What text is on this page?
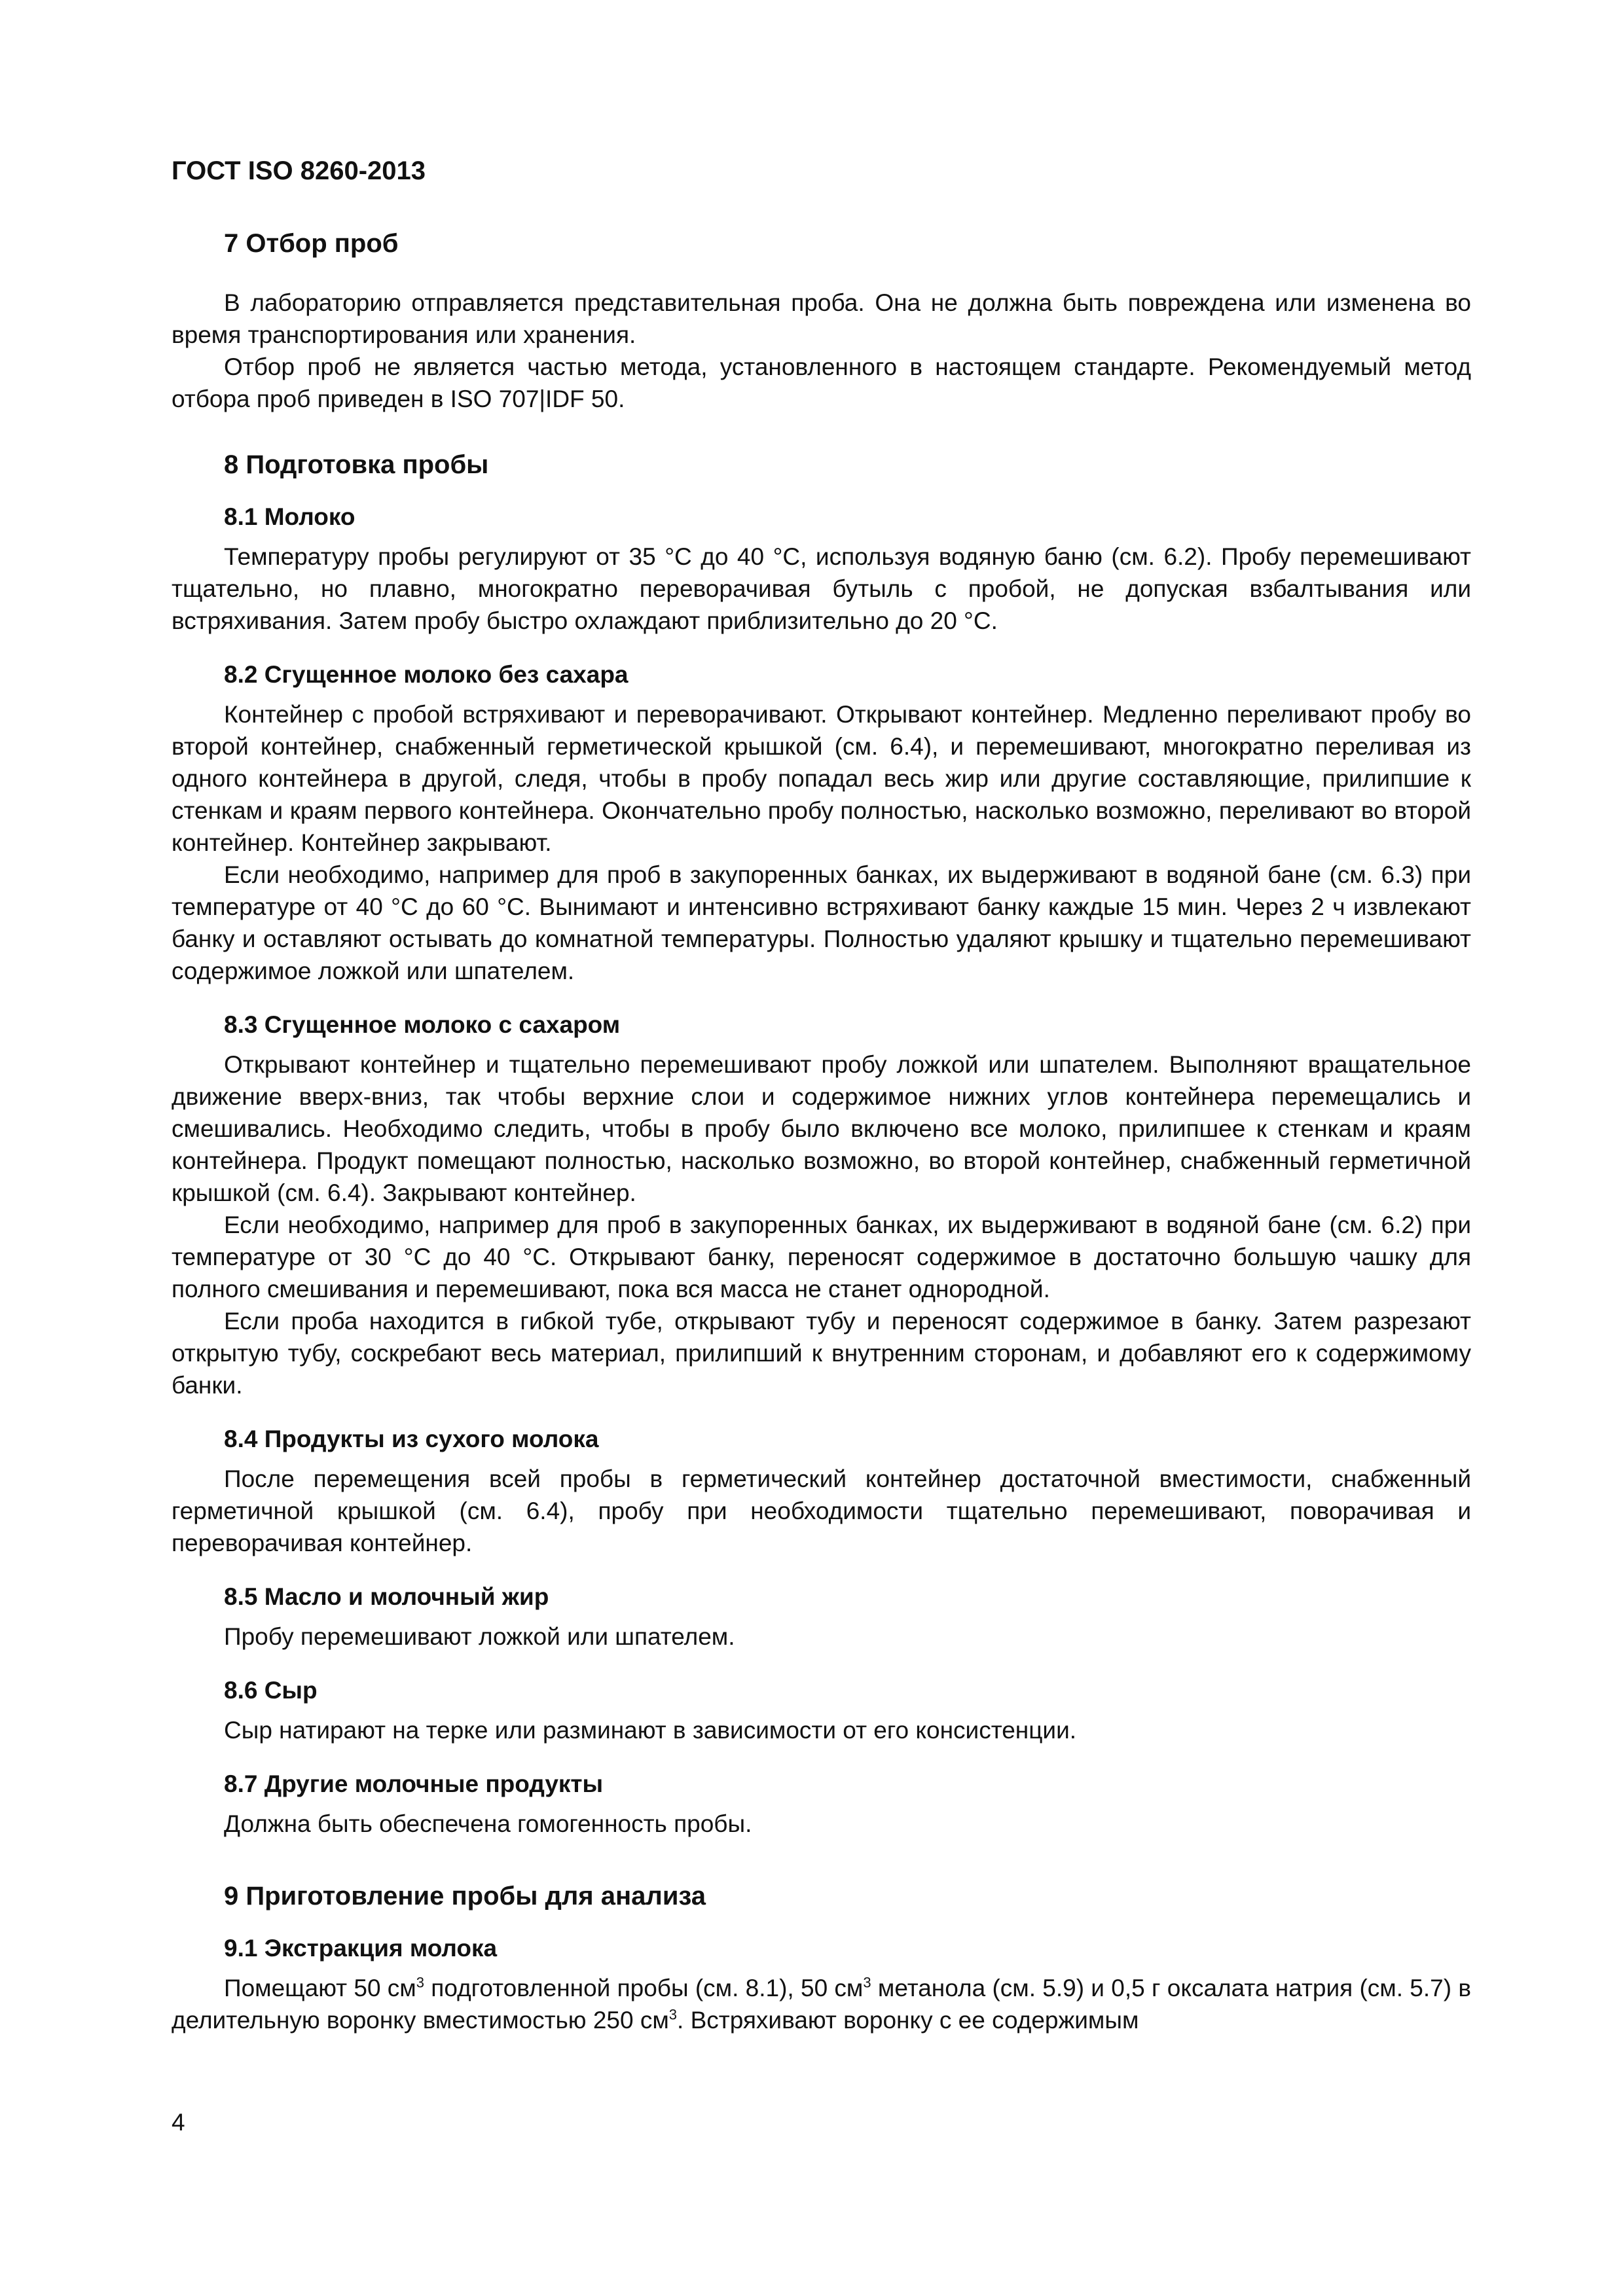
ГОСТ ISO 8260-2013
7 Отбор проб

В лабораторию отправляется представительная проба. Она не должна быть повреждена или изменена во время транспортирования или хранения.

Отбор проб не является частью метода, установленного в настоящем стандарте. Рекомендуемый метод отбора проб приведен в ISO 707|IDF 50.

8 Подготовка пробы
8.1 Молоко

Температуру пробы регулируют от 35 °С до 40 °С, используя водяную баню (см. 6.2). Пробу перемешивают тщательно, но плавно, многократно переворачивая бутыль с пробой, не допуская взбалтывания или встряхивания. Затем пробу быстро охлаждают приблизительно до 20 °С.

8.2 Сгущенное молоко без сахара

Контейнер с пробой встряхивают и переворачивают. Открывают контейнер. Медленно переливают пробу во второй контейнер, снабженный герметической крышкой (см. 6.4), и перемешивают, многократно переливая из одного контейнера в другой, следя, чтобы в пробу попадал весь жир или другие составляющие, прилипшие к стенкам и краям первого контейнера. Окончательно пробу полностью, насколько возможно, переливают во второй контейнер. Контейнер закрывают.

Если необходимо, например для проб в закупоренных банках, их выдерживают в водяной бане (см. 6.3) при температуре от 40 °С до 60 °С. Вынимают и интенсивно встряхивают банку каждые 15 мин. Через 2 ч извлекают банку и оставляют остывать до комнатной температуры. Полностью удаляют крышку и тщательно перемешивают содержимое ложкой или шпателем.

8.3 Сгущенное молоко с сахаром

Открывают контейнер и тщательно перемешивают пробу ложкой или шпателем. Выполняют вращательное движение вверх-вниз, так чтобы верхние слои и содержимое нижних углов контейнера перемещались и смешивались. Необходимо следить, чтобы в пробу было включено все молоко, прилипшее к стенкам и краям контейнера. Продукт помещают полностью, насколько возможно, во второй контейнер, снабженный герметичной крышкой (см. 6.4). Закрывают контейнер.

Если необходимо, например для проб в закупоренных банках, их выдерживают в водяной бане (см. 6.2) при температуре от 30 °С до 40 °С. Открывают банку, переносят содержимое в достаточно большую чашку для полного смешивания и перемешивают, пока вся масса не станет однородной.

Если проба находится в гибкой тубе, открывают тубу и переносят содержимое в банку. Затем разрезают открытую тубу, соскребают весь материал, прилипший к внутренним сторонам, и добавляют его к содержимому банки.

8.4 Продукты из сухого молока

После перемещения всей пробы в герметический контейнер достаточной вместимости, снабженный герметичной крышкой (см. 6.4), пробу при необходимости тщательно перемешивают, поворачивая и переворачивая контейнер.

8.5 Масло и молочный жир

Пробу перемешивают ложкой или шпателем.

8.6 Сыр

Сыр натирают на терке или разминают в зависимости от его консистенции.

8.7 Другие молочные продукты

Должна быть обеспечена гомогенность пробы.

9 Приготовление пробы для анализа
9.1 Экстракция молока

Помещают 50 $см^3$ подготовленной пробы (см. 8.1), 50 $см^3$ метанола (см. 5.9) и 0,5 г оксалата натрия (см. 5.7) в делительную воронку вместимостью 250 $см^3$. Встряхивают воронку с ее содержимым

4
